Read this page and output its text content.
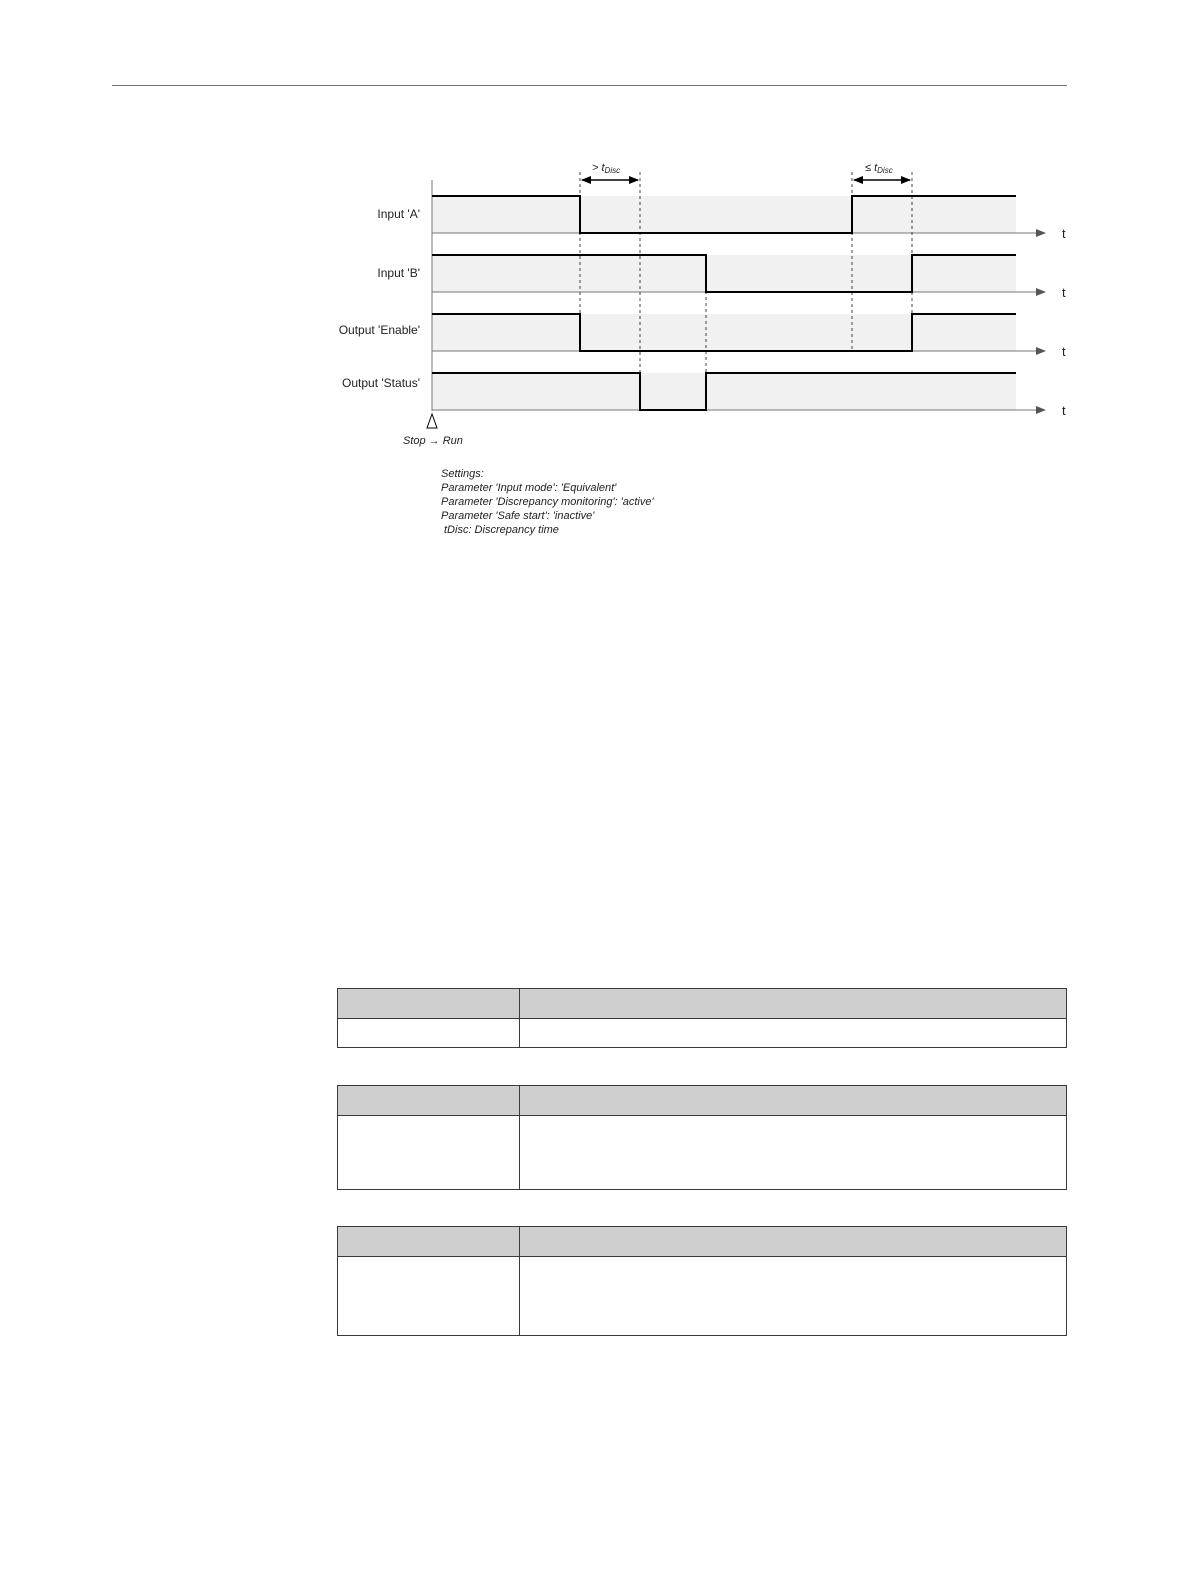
t
t
t
t
Input 'A'
Input 'B'
Output 'Enable'
Output 'Status'
> tDisc	≤ tDisc
Stop → Run
Settings:
Parameter 'Input mode': 'Equivalent'
Parameter 'Discrepancy monitoring': 'active'
Parameter 'Safe start': 'inactive'
tDisc: Discrepancy time
